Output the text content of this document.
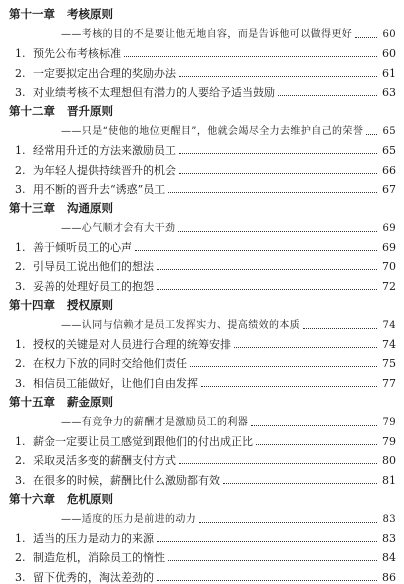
第十一章 考核原则
——考核的目的不是要让他无地自容，而是告诉他可以做得更好	60
1. 预先公布考核标准	60
2. 一定要拟定出合理的奖励办法	61
3. 对业绩考核不太理想但有潜力的人要给予适当鼓励	63
第十二章 晋升原则
——只是“使他的地位更醒目”，他就会竭尽全力去维护自己的荣誉 65
1. 经常用升迁的方法来激励员工	65
2. 为年轻人提供持续晋升的机会	66
3. 用不断的晋升去“诱惑”员工	67
第十三章 沟通原则
——心气顺才会有大干劲	69
1. 善于倾听员工的心声	69
2. 引导员工说出他们的想法	70
3. 妥善的处理好员工的抱怨	72
第十四章 授权原则
——认同与信赖才是员工发挥实力、提高绩效的本质	74
1. 授权的关键是对人员进行合理的统筹安排	74
2. 在权力下放的同时交给他们责任	75
3. 相信员工能做好，让他们自由发挥	77
第十五章 薪金原则
——有竞争力的薪酬才是激励员工的利器	79
1. 薪金一定要让员工感觉到跟他们的付出成正比	79
2. 采取灵活多变的薪酬支付方式	80
3. 在很多的时候，薪酬比什么激励都有效	81
第十六章 危机原则
——适度的压力是前进的动力	83
1. 适当的压力是动力的来源	83
2. 制造危机，消除员工的惰性	84
3. 留下优秀的，淘汰差劲的	86
